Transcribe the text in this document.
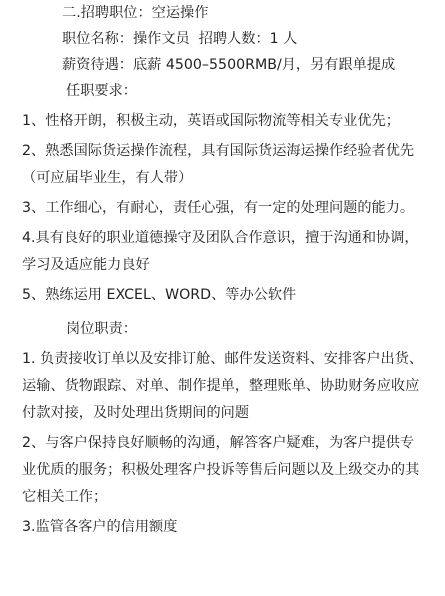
二.招聘职位：空运操作
职位名称：操作文员  招聘人数：1 人
薪资待遇：底薪 4500–5500RMB/月，另有跟单提成
任职要求：
1、性格开朗，积极主动，英语或国际物流等相关专业优先；
2、熟悉国际货运操作流程，具有国际货运海运操作经验者优先（可应届毕业生，有人带）
3、工作细心，有耐心，责任心强，有一定的处理问题的能力。
4.具有良好的职业道德操守及团队合作意识，擅于沟通和协调，学习及适应能力良好
5、熟练运用 EXCEL、WORD、等办公软件
岗位职责：
1. 负责接收订单以及安排订舱、邮件发送资料、安排客户出货、运输、货物跟踪、对单、制作提单，整理账单、协助财务应收应付款对接，及时处理出货期间的问题
2、与客户保持良好顺畅的沟通，解答客户疑难，为客户提供专业优质的服务；积极处理客户投诉等售后问题以及上级交办的其它相关工作；
3.监管各客户的信用额度
